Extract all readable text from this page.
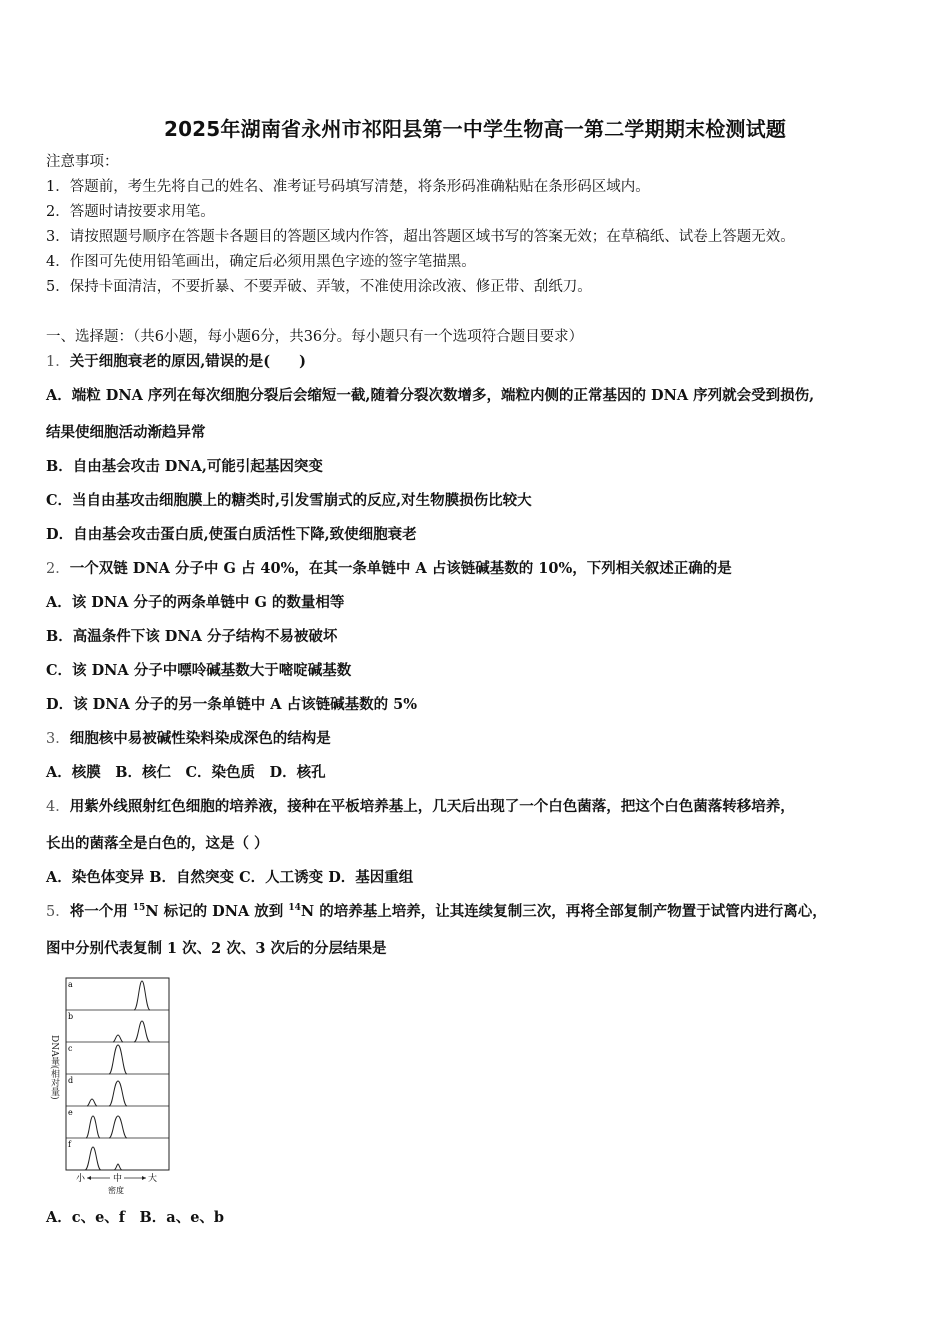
2025年湖南省永州市祁阳县第一中学生物高一第二学期期末检测试题
注意事项：
1．答题前，考生先将自己的姓名、准考证号码填写清楚，将条形码准确粘贴在条形码区域内。
2．答题时请按要求用笔。
3．请按照题号顺序在答题卡各题目的答题区域内作答，超出答题区域书写的答案无效；在草稿纸、试卷上答题无效。
4．作图可先使用铅笔画出，确定后必须用黑色字迹的签字笔描黑。
5．保持卡面清洁，不要折暴、不要弄破、弄皱，不准使用涂改液、修正带、刮纸刀。
一、选择题：（共6小题，每小题6分，共36分。每小题只有一个选项符合题目要求）
1．关于细胞衰老的原因,错误的是(　　)
A．端粒 DNA 序列在每次细胞分裂后会缩短一截,随着分裂次数增多，端粒内侧的正常基因的 DNA 序列就会受到损伤,
结果使细胞活动渐趋异常
B．自由基会攻击 DNA,可能引起基因突变
C．当自由基攻击细胞膜上的糖类时,引发雪崩式的反应,对生物膜损伤比较大
D．自由基会攻击蛋白质,使蛋白质活性下降,致使细胞衰老
2．一个双链 DNA 分子中 G 占 40%，在其一条单链中 A 占该链碱基数的 10%，下列相关叙述正确的是
A．该 DNA 分子的两条单链中 G 的数量相等
B．高温条件下该 DNA 分子结构不易被破坏
C．该 DNA 分子中嘌呤碱基数大于嘧啶碱基数
D．该 DNA 分子的另一条单链中 A 占该链碱基数的 5%
3．细胞核中易被碱性染料染成深色的结构是
A．核膜　B．核仁　C．染色质　D．核孔
4．用紫外线照射红色细胞的培养液，接种在平板培养基上，几天后出现了一个白色菌落，把这个白色菌落转移培养，
长出的菌落全是白色的，这是（ ）
A．染色体变异 B．自然突变 C．人工诱变 D．基因重组
5．将一个用 $^{15}$N 标记的 DNA 放到 $^{14}$N 的培养基上培养，让其连续复制三次，再将全部复制产物置于试管内进行离心，
图中分别代表复制 1 次、2 次、3 次后的分层结果是
DNA量(相对量)
a
b
c
d
e
f
小	中	大
密度
A．c、e、f　B．a、e、b
